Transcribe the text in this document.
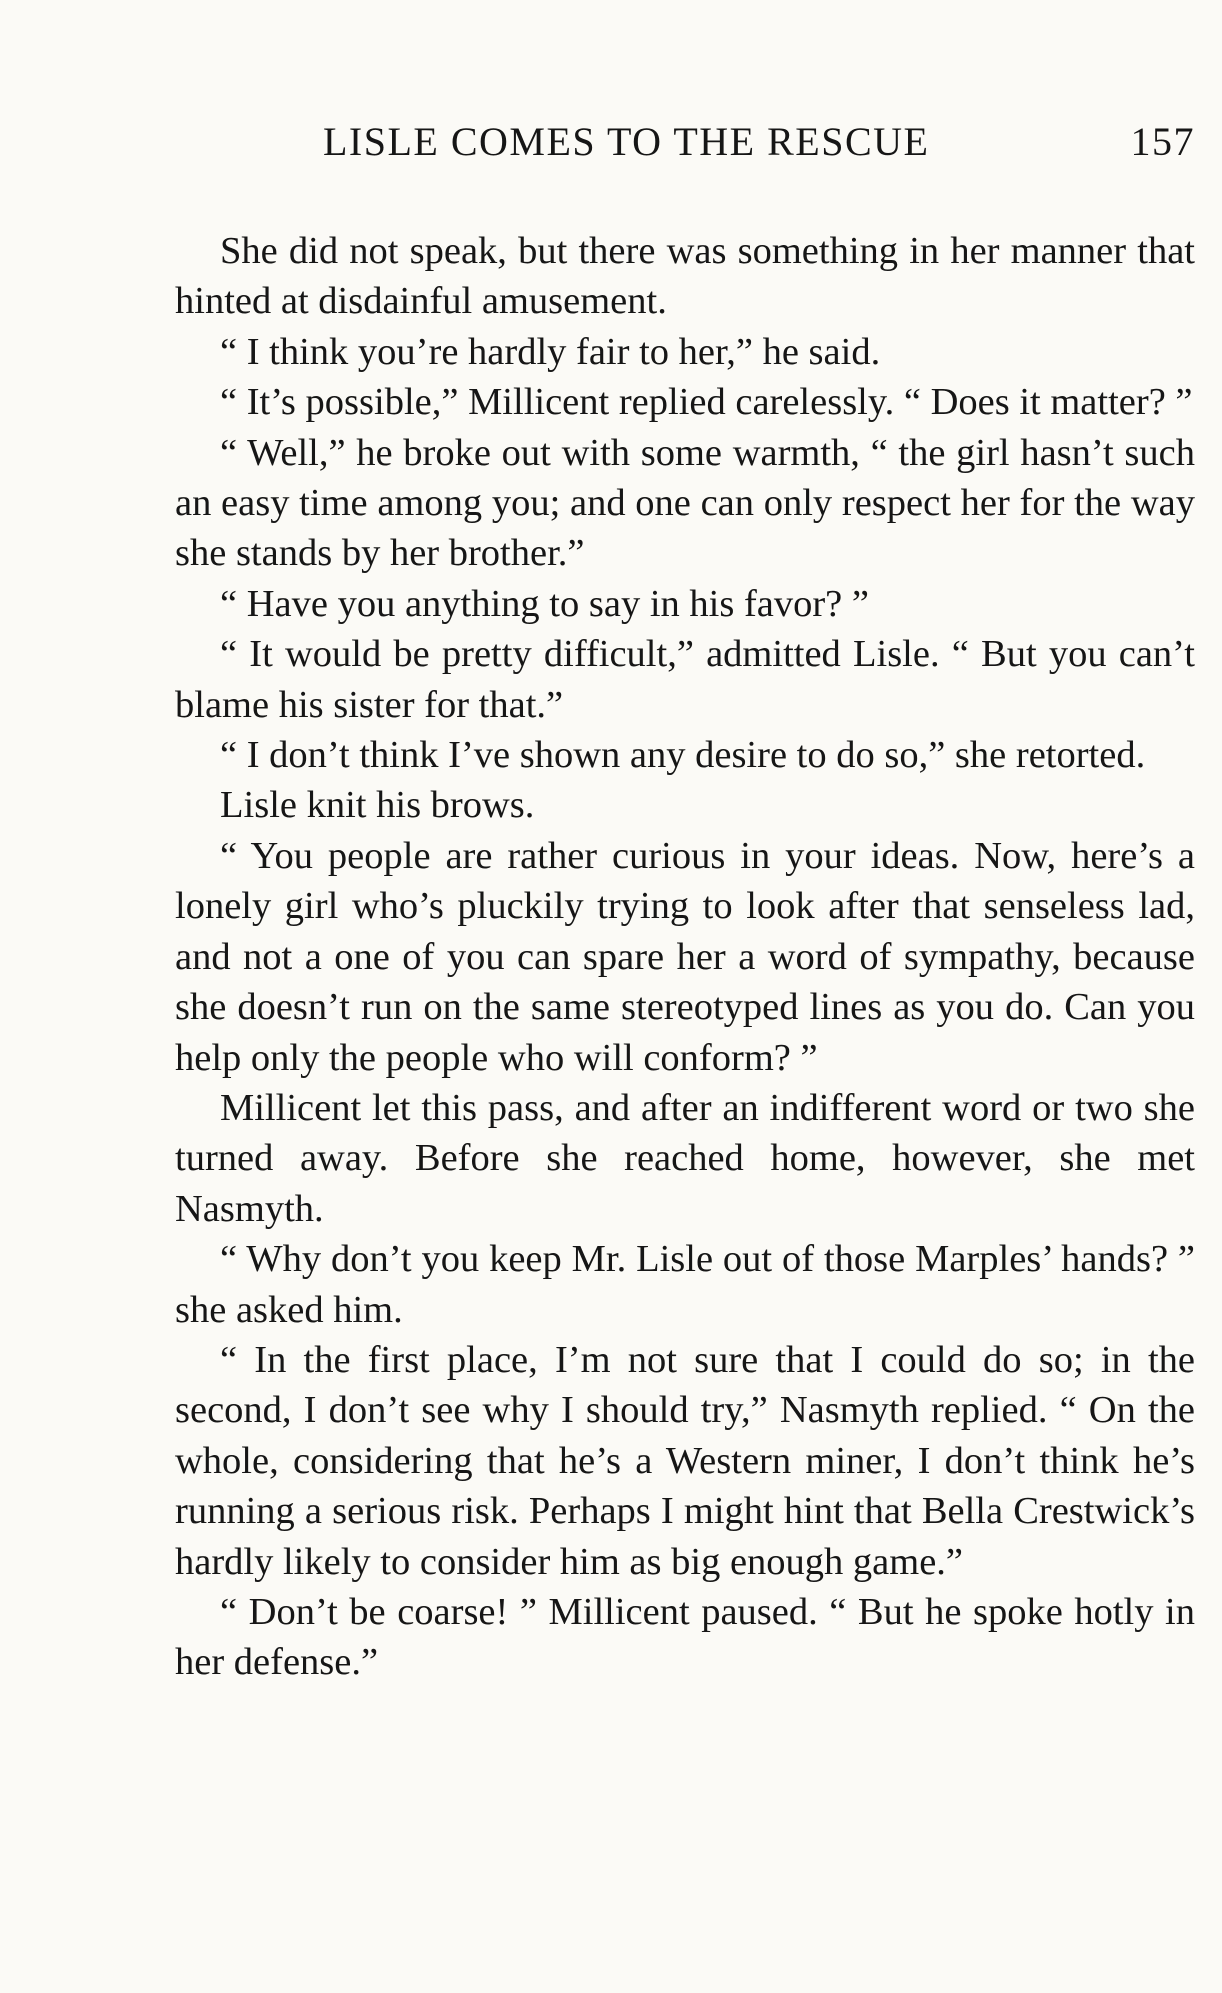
LISLE COMES TO THE RESCUE	157

She did not speak, but there was something in her manner that hinted at disdainful amusement.

“ I think you’re hardly fair to her,” he said.

“ It’s possible,” Millicent replied carelessly. “ Does it matter? ”

“ Well,” he broke out with some warmth, “ the girl hasn’t such an easy time among you; and one can only respect her for the way she stands by her brother.”

“ Have you anything to say in his favor? ”

“ It would be pretty difficult,” admitted Lisle. “ But you can’t blame his sister for that.”

“ I don’t think I’ve shown any desire to do so,” she retorted.

Lisle knit his brows.

“ You people are rather curious in your ideas. Now, here’s a lonely girl who’s pluckily trying to look after that senseless lad, and not a one of you can spare her a word of sympathy, because she doesn’t run on the same stereotyped lines as you do. Can you help only the people who will conform? ”

Millicent let this pass, and after an indifferent word or two she turned away. Before she reached home, however, she met Nasmyth.

“ Why don’t you keep Mr. Lisle out of those Marples’ hands? ” she asked him.

“ In the first place, I’m not sure that I could do so; in the second, I don’t see why I should try,” Nasmyth replied. “ On the whole, considering that he’s a Western miner, I don’t think he’s running a serious risk. Perhaps I might hint that Bella Crestwick’s hardly likely to consider him as big enough game.”

“ Don’t be coarse! ” Millicent paused. “ But he spoke hotly in her defense.”
